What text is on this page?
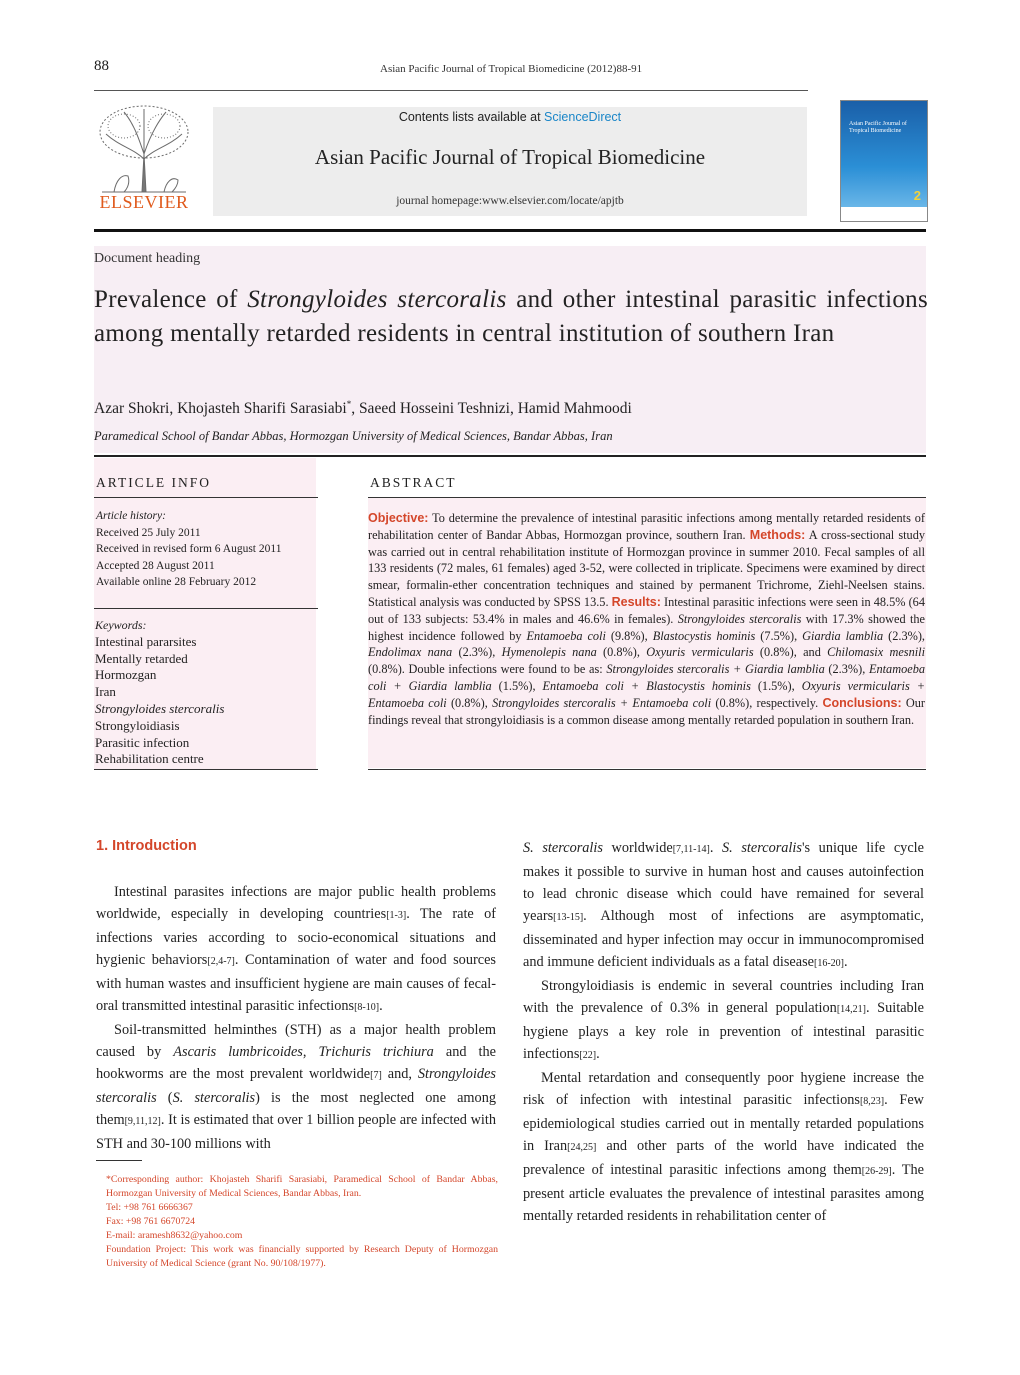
88	Asian Pacific Journal of Tropical Biomedicine (2012)88-91
ELSEVIER
Contents lists available at ScienceDirect
Asian Pacific Journal of Tropical Biomedicine
journal homepage:www.elsevier.com/locate/apjtb
Asian Pacific Journal of
Tropical Biomedicine
2
Document heading
Prevalence of Strongyloides stercoralis and other intestinal parasitic infections among mentally retarded residents in central institution of southern Iran
Azar Shokri, Khojasteh Sharifi Sarasiabi*, Saeed Hosseini Teshnizi, Hamid Mahmoodi
Paramedical School of Bandar Abbas, Hormozgan University of Medical Sciences, Bandar Abbas, Iran
ARTICLE INFO	ABSTRACT
Article history:
Received 25 July 2011
Received in revised form 6 August 2011
Accepted 28 August 2011
Available online 28 February 2012
Keywords:
Intestinal pararsites
Mentally retarded
Hormozgan
Iran
Strongyloides stercoralis
Strongyloidiasis
Parasitic infection
Rehabilitation centre
Objective: To determine the prevalence of intestinal parasitic infections among mentally retarded residents of rehabilitation center of Bandar Abbas, Hormozgan province, southern Iran. Methods: A cross-sectional study was carried out in central rehabilitation institute of Hormozgan province in summer 2010. Fecal samples of all 133 residents (72 males, 61 females) aged 3-52, were collected in triplicate. Specimens were examined by direct smear, formalin-ether concentration techniques and stained by permanent Trichrome, Ziehl-Neelsen stains. Statistical analysis was conducted by SPSS 13.5. Results: Intestinal parasitic infections were seen in 48.5% (64 out of 133 subjects: 53.4% in males and 46.6% in females). Strongyloides stercoralis with 17.3% showed the highest incidence followed by Entamoeba coli (9.8%), Blastocystis hominis (7.5%), Giardia lamblia (2.3%), Endolimax nana (2.3%), Hymenolepis nana (0.8%), Oxyuris vermicularis (0.8%), and Chilomasix mesnili (0.8%). Double infections were found to be as: Strongyloides stercoralis + Giardia lamblia (2.3%), Entamoeba coli + Giardia lamblia (1.5%), Entamoeba coli + Blastocystis hominis (1.5%), Oxyuris vermicularis + Entamoeba coli (0.8%), Strongyloides stercoralis + Entamoeba coli (0.8%), respectively. Conclusions: Our findings reveal that strongyloidiasis is a common disease among mentally retarded population in southern Iran.
1. Introduction

Intestinal parasites infections are major public health problems worldwide, especially in developing countries[1-3]. The rate of infections varies according to socio-economical situations and hygienic behaviors[2,4-7]. Contamination of water and food sources with human wastes and insufficient hygiene are main causes of fecal-oral transmitted intestinal parasitic infections[8-10].

Soil-transmitted helminthes (STH) as a major health problem caused by Ascaris lumbricoides, Trichuris trichiura and the hookworms are the most prevalent worldwide[7] and, Strongyloides stercoralis (S. stercoralis) is the most neglected one among them[9,11,12]. It is estimated that over 1 billion people are infected with STH and 30-100 millions with

S. stercoralis worldwide[7,11-14]. S. stercoralis's unique life cycle makes it possible to survive in human host and causes autoinfection to lead chronic disease which could have remained for several years[13-15]. Although most of infections are asymptomatic, disseminated and hyper infection may occur in immunocompromised and immune deficient individuals as a fatal disease[16-20].

Strongyloidiasis is endemic in several countries including Iran with the prevalence of 0.3% in general population[14,21]. Suitable hygiene plays a key role in prevention of intestinal parasitic infections[22].

Mental retardation and consequently poor hygiene increase the risk of infection with intestinal parasitic infections[8,23]. Few epidemiological studies carried out in mentally retarded populations in Iran[24,25] and other parts of the world have indicated the prevalence of intestinal parasitic infections among them[26-29]. The present article evaluates the prevalence of intestinal parasites among mentally retarded residents in rehabilitation center of

*Corresponding author: Khojasteh Sharifi Sarasiabi, Paramedical School of Bandar Abbas, Hormozgan University of Medical Sciences, Bandar Abbas, Iran.

Tel: +98 761 6666367

Fax: +98 761 6670724

E-mail: aramesh8632@yahoo.com

Foundation Project: This work was financially supported by Research Deputy of Hormozgan University of Medical Science (grant No. 90/108/1977).
